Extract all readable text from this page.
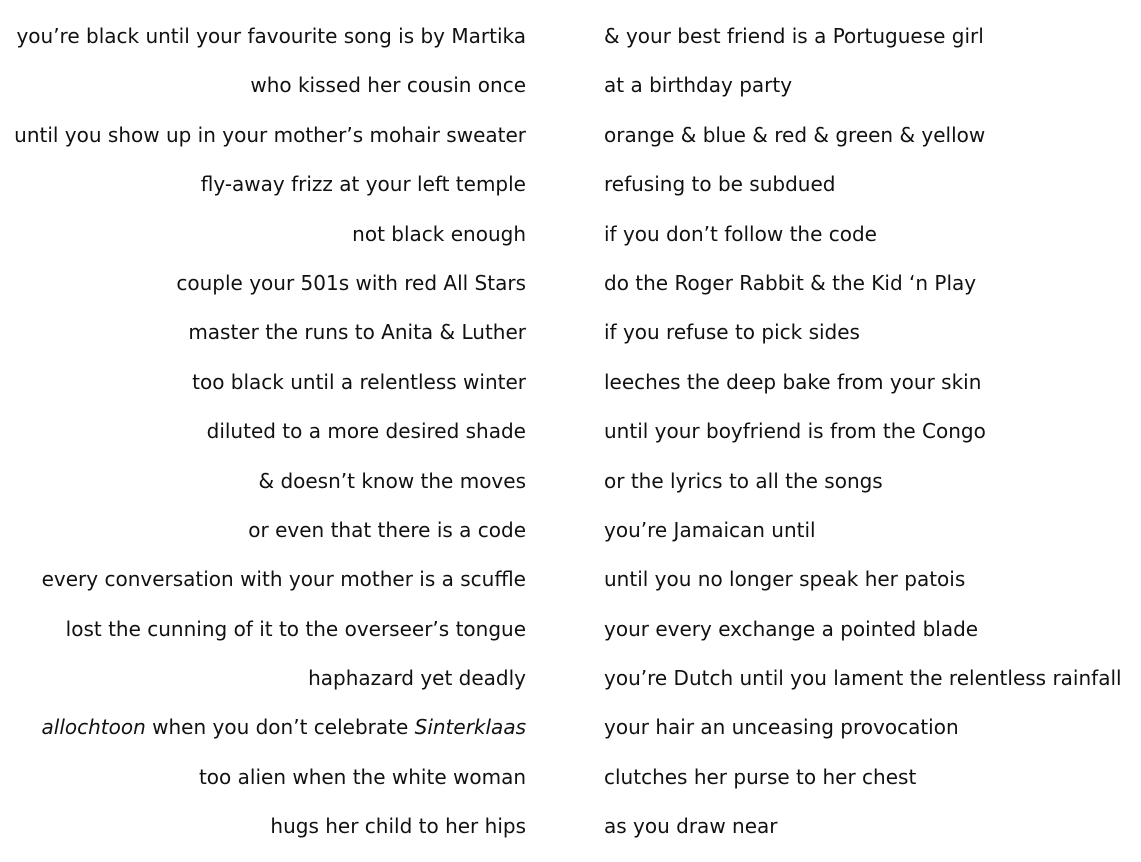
you’re black until your favourite song is by Martika	& your best friend is a Portuguese girl
who kissed her cousin once	at a birthday party
until you show up in your mother’s mohair sweater	orange & blue & red & green & yellow
fly-away frizz at your left temple	refusing to be subdued
not black enough	if you don’t follow the code
couple your 501s with red All Stars	do the Roger Rabbit & the Kid ‘n Play
master the runs to Anita & Luther	if you refuse to pick sides
too black until a relentless winter	leeches the deep bake from your skin
diluted to a more desired shade	until your boyfriend is from the Congo
& doesn’t know the moves	or the lyrics to all the songs
or even that there is a code	you’re Jamaican until
every conversation with your mother is a scuffle	until you no longer speak her patois
lost the cunning of it to the overseer’s tongue	your every exchange a pointed blade
haphazard yet deadly	you’re Dutch until you lament the relentless rainfall
allochtoon when you don’t celebrate Sinterklaas	your hair an unceasing provocation
too alien when the white woman	clutches her purse to her chest
hugs her child to her hips	as you draw near
